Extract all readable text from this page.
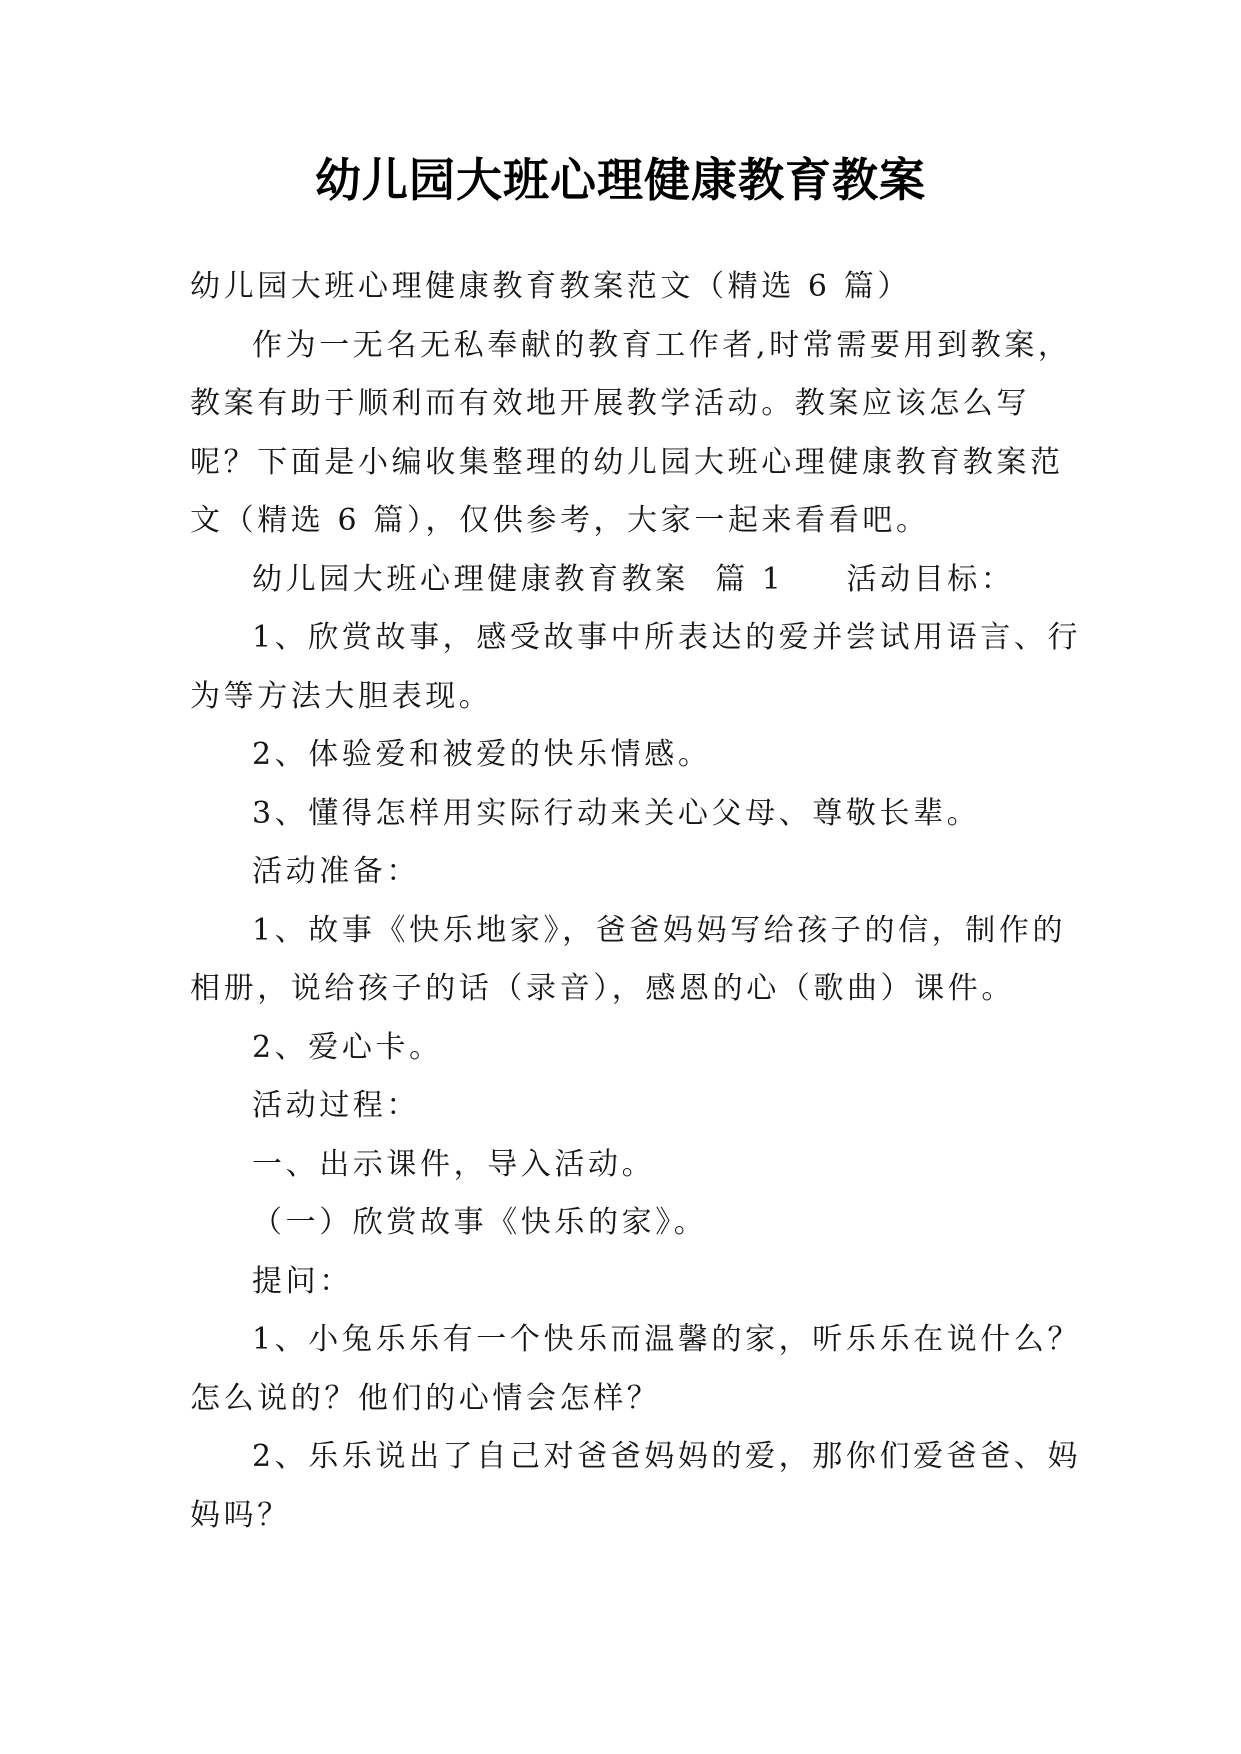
幼儿园大班心理健康教育教案

幼儿园大班心理健康教育教案范文（精选 6 篇）

作为一无名无私奉献的教育工作者,时常需要用到教案，教案有助于顺利而有效地开展教学活动。教案应该怎么写呢？下面是小编收集整理的幼儿园大班心理健康教育教案范文（精选 6 篇），仅供参考，大家一起来看看吧。

幼儿园大班心理健康教育教案  篇 1 活动目标：

1、欣赏故事，感受故事中所表达的爱并尝试用语言、行为等方法大胆表现。

2、体验爱和被爱的快乐情感。

3、懂得怎样用实际行动来关心父母、尊敬长辈。

活动准备：

1、故事《快乐地家》，爸爸妈妈写给孩子的信，制作的相册，说给孩子的话（录音），感恩的心（歌曲）课件。

2、爱心卡。

活动过程：

一、出示课件，导入活动。

（一）欣赏故事《快乐的家》。

提问：

1、小兔乐乐有一个快乐而温馨的家，听乐乐在说什么？怎么说的？他们的心情会怎样？

2、乐乐说出了自己对爸爸妈妈的爱，那你们爱爸爸、妈妈吗？
